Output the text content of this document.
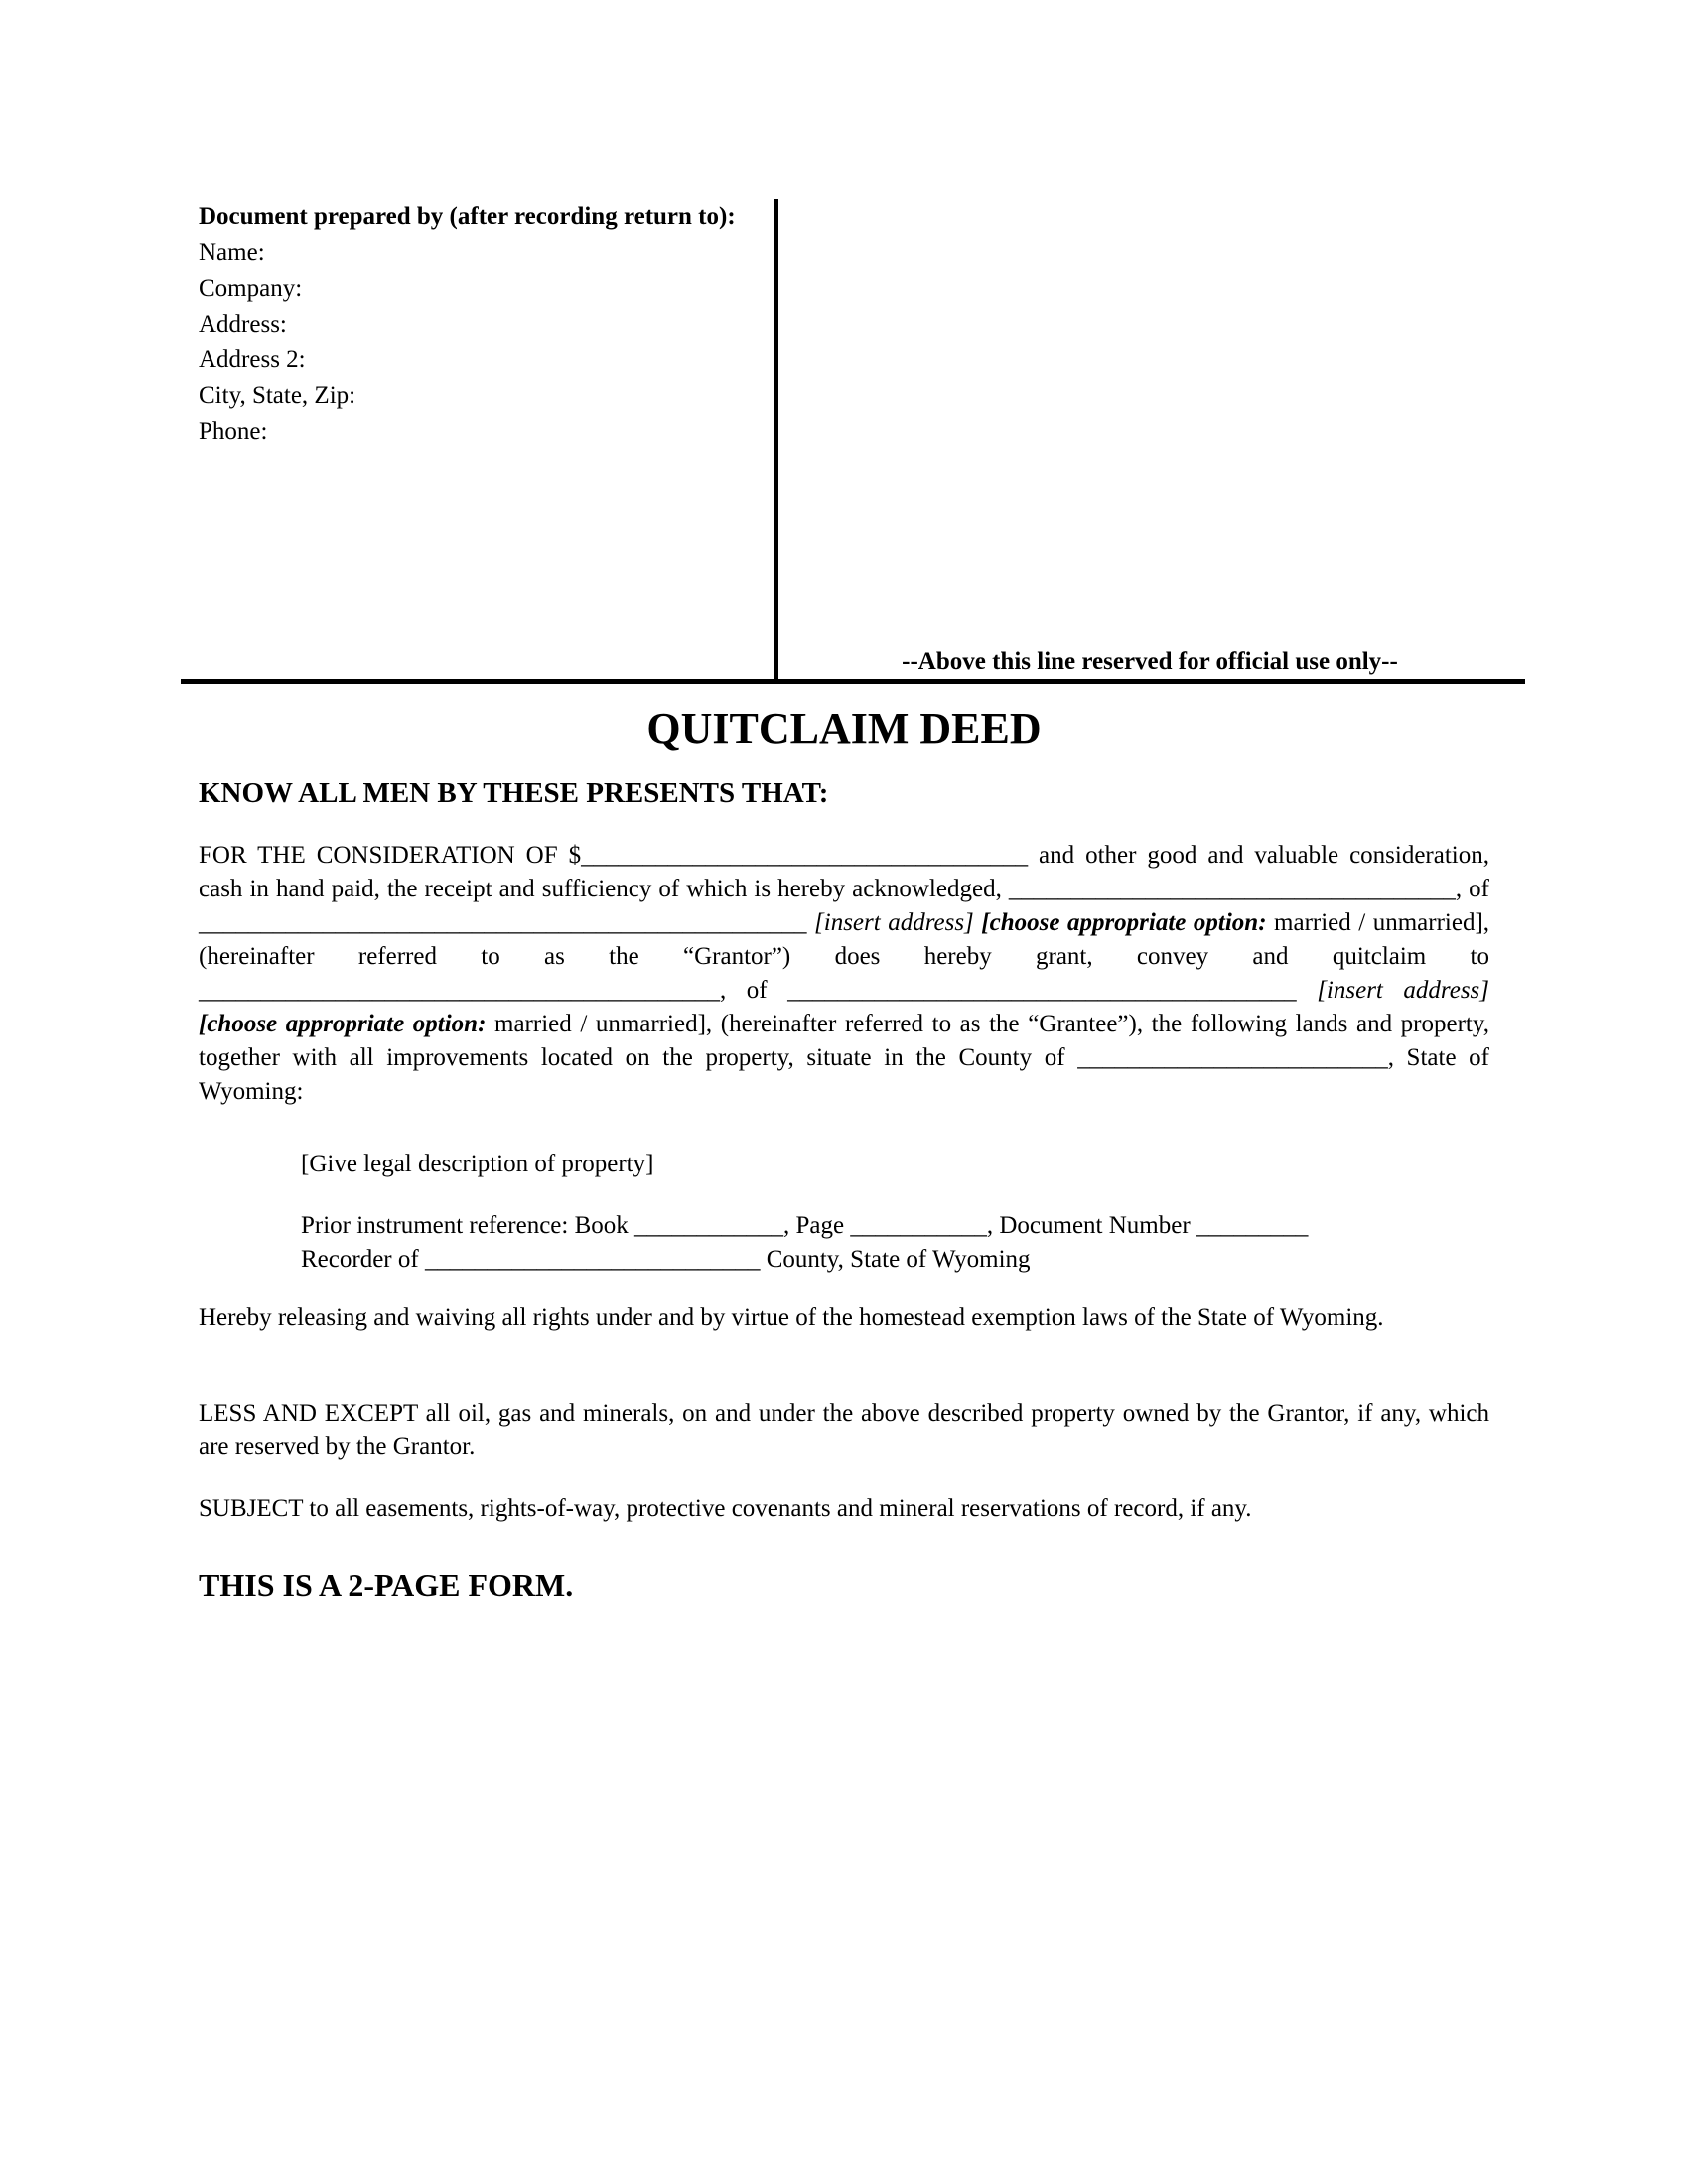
Document prepared by (after recording return to):
Name:
Company:
Address:
Address 2:
City, State, Zip:
Phone:
--Above this line reserved for official use only--
QUITCLAIM DEED
KNOW ALL MEN BY THESE PRESENTS THAT:
FOR THE CONSIDERATION OF $____________________________________ and other good and valuable consideration, cash in hand paid, the receipt and sufficiency of which is hereby acknowledged, ____________________________________, of _________________________________________________ [insert address] [choose appropriate option: married / unmarried], (hereinafter referred to as the “Grantor”) does hereby grant, convey and quitclaim to __________________________________________, of _________________________________________ [insert address] [choose appropriate option: married / unmarried], (hereinafter referred to as the “Grantee”), the following lands and property, together with all improvements located on the property, situate in the County of _________________________, State of Wyoming:
[Give legal description of property]
Prior instrument reference: Book ____________, Page ___________, Document Number _________
Recorder of ___________________________ County, State of Wyoming
Hereby releasing and waiving all rights under and by virtue of the homestead exemption laws of the State of Wyoming.
LESS AND EXCEPT all oil, gas and minerals, on and under the above described property owned by the Grantor, if any, which are reserved by the Grantor.
SUBJECT to all easements, rights-of-way, protective covenants and mineral reservations of record, if any.
THIS IS A 2-PAGE FORM.
